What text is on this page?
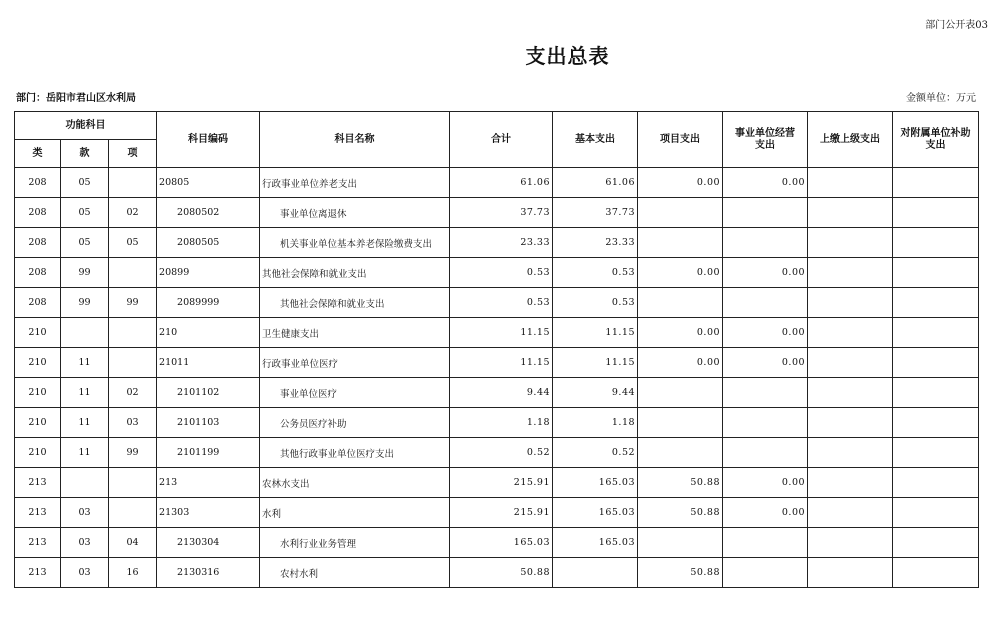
部门公开表03
支出总表
部门：岳阳市君山区水利局	金额单位：万元
功能科目			科目编码	科目名称	合计	基本支出	项目支出	事业单位经营支出	上缴上级支出	对附属单位补助支出
类	款	项								
208	05		20805	行政事业单位养老支出	61.06	61.06	0.00	0.00		
208	05	02	2080502	事业单位离退休	37.73	37.73				
208	05	05	2080505	机关事业单位基本养老保险缴费支出	23.33	23.33				
208	99		20899	其他社会保障和就业支出	0.53	0.53	0.00	0.00		
208	99	99	2089999	其他社会保障和就业支出	0.53	0.53				
210			210	卫生健康支出	11.15	11.15	0.00	0.00		
210	11		21011	行政事业单位医疗	11.15	11.15	0.00	0.00		
210	11	02	2101102	事业单位医疗	9.44	9.44				
210	11	03	2101103	公务员医疗补助	1.18	1.18				
210	11	99	2101199	其他行政事业单位医疗支出	0.52	0.52				
213			213	农林水支出	215.91	165.03	50.88	0.00		
213	03		21303	水利	215.91	165.03	50.88	0.00		
213	03	04	2130304	水利行业业务管理	165.03	165.03				
213	03	16	2130316	农村水利	50.88		50.88			
